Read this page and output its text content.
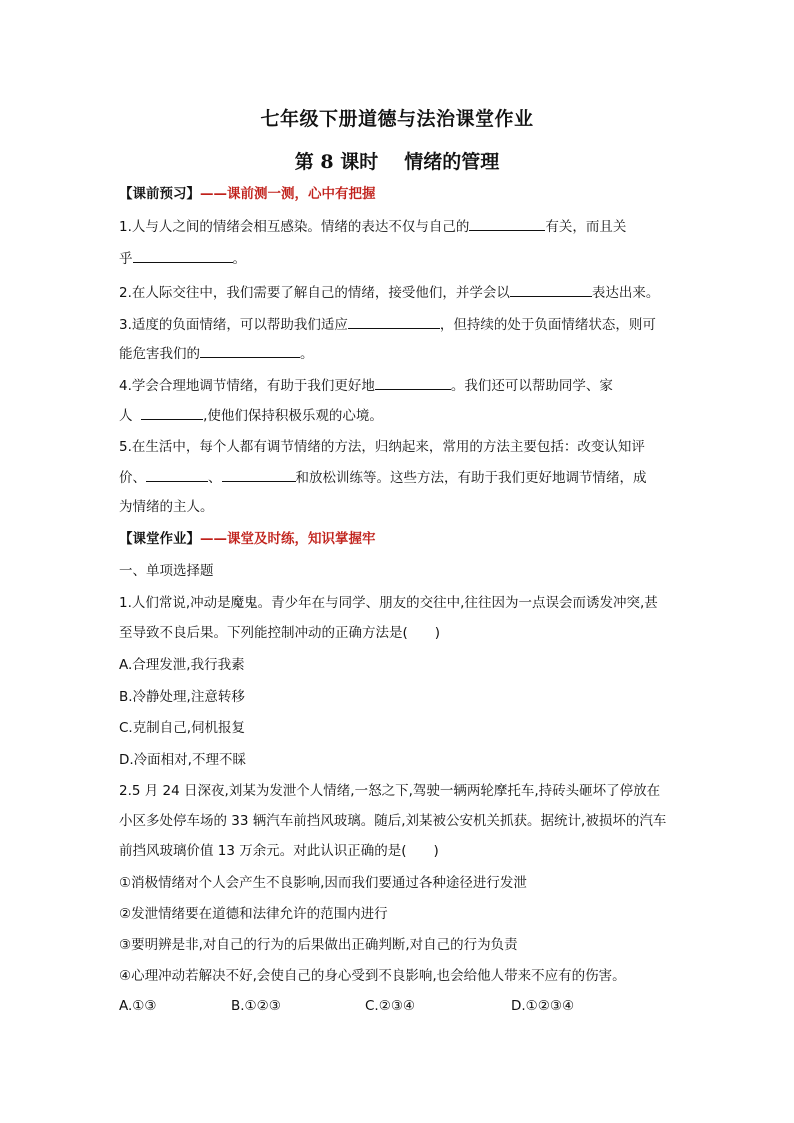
七年级下册道德与法治课堂作业
第 8 课时 情绪的管理
【课前预习】——课前测一测，心中有把握
1.人与人之间的情绪会相互感染。情绪的表达不仅与自己的	有关，而且关
乎	。
2.在人际交往中，我们需要了解自己的情绪，接受他们，并学会以	表达出来。
3.适度的负面情绪，可以帮助我们适应	，但持续的处于负面情绪状态，则可
能危害我们的	。
4.学会合理地调节情绪，有助于我们更好地	。我们还可以帮助同学、家
人	,使他们保持积极乐观的心境。
5.在生活中，每个人都有调节情绪的方法，归纳起来，常用的方法主要包括：改变认知评
价、	、	和放松训练等。这些方法，有助于我们更好地调节情绪，成
为情绪的主人。
【课堂作业】——课堂及时练，知识掌握牢
一、单项选择题
1.人们常说,冲动是魔鬼。青少年在与同学、朋友的交往中,往往因为一点误会而诱发冲突,甚
至导致不良后果。下列能控制冲动的正确方法是(　　)
A.合理发泄,我行我素
B.冷静处理,注意转移
C.克制自己,伺机报复
D.冷面相对,不理不睬
2.5 月 24 日深夜,刘某为发泄个人情绪,一怒之下,驾驶一辆两轮摩托车,持砖头砸坏了停放在
小区多处停车场的 33 辆汽车前挡风玻璃。随后,刘某被公安机关抓获。据统计,被损坏的汽车
前挡风玻璃价值 13 万余元。对此认识正确的是(　　)
①消极情绪对个人会产生不良影响,因而我们要通过各种途径进行发泄
②发泄情绪要在道德和法律允许的范围内进行
③要明辨是非,对自己的行为的后果做出正确判断,对自己的行为负责
④心理冲动若解决不好,会使自己的身心受到不良影响,也会给他人带来不应有的伤害。
A.①③	B.①②③	C.②③④	D.①②③④
